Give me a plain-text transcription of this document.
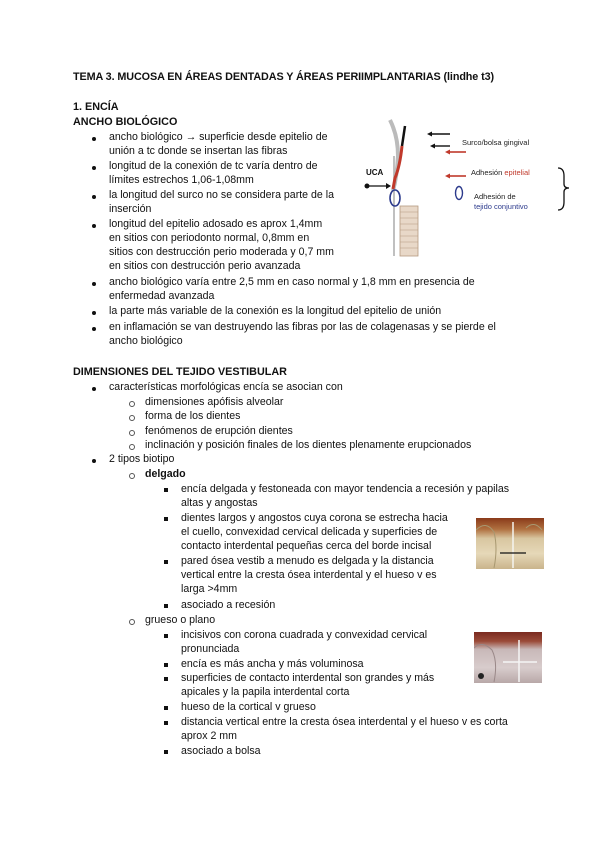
TEMA 3. MUCOSA EN ÁREAS DENTADAS Y ÁREAS PERIIMPLANTARIAS (lindhe t3)
1. ENCÍA
ANCHO BIOLÓGICO
ancho biológico → superficie desde epitelio de
unión a tc donde se insertan las fibras
longitud de la conexión de tc varía dentro de
límites estrechos 1,06-1,08mm
la longitud del surco no se considera parte de la
inserción
longitud del epitelio adosado es aprox 1,4mm
en sitios con periodonto normal, 0,8mm en
sitios con destrucción perio moderada y 0,7 mm
en sitios con destrucción perio avanzada
ancho biológico varía entre 2,5 mm en caso normal y 1,8 mm en presencia de
enfermedad avanzada
la parte más variable de la conexión es la longitud del epitelio de unión
en inflamación se van destruyendo las fibras por las de colagenasas y se pierde el
ancho biológico
UCA
Surco/bolsa gingival
Adhesión epitelial
Adhesión de
tejido conjuntivo
DIMENSIONES DEL TEJIDO VESTIBULAR
características morfológicas encía se asocian con
dimensiones apófisis alveolar
forma de los dientes
fenómenos de erupción dientes
inclinación y posición finales de los dientes plenamente erupcionados
2 tipos biotipo
delgado
encía delgada y festoneada con mayor tendencia a recesión y papilas
altas y angostas
dientes largos y angostos cuya corona se estrecha hacia
el cuello, convexidad cervical delicada y superficies de
contacto interdental pequeñas cerca del borde incisal
pared ósea vestib a menudo es delgada y la distancia
vertical entre la cresta ósea interdental y el hueso v es
larga >4mm
asociado a recesión
grueso o plano
incisivos con corona cuadrada y convexidad cervical
pronunciada
encía es más ancha y más voluminosa
superficies de contacto interdental son grandes y más
apicales y la papila interdental corta
hueso de la cortical v grueso
distancia vertical entre la cresta ósea interdental y el hueso v es corta
aprox 2 mm
asociado a bolsa
